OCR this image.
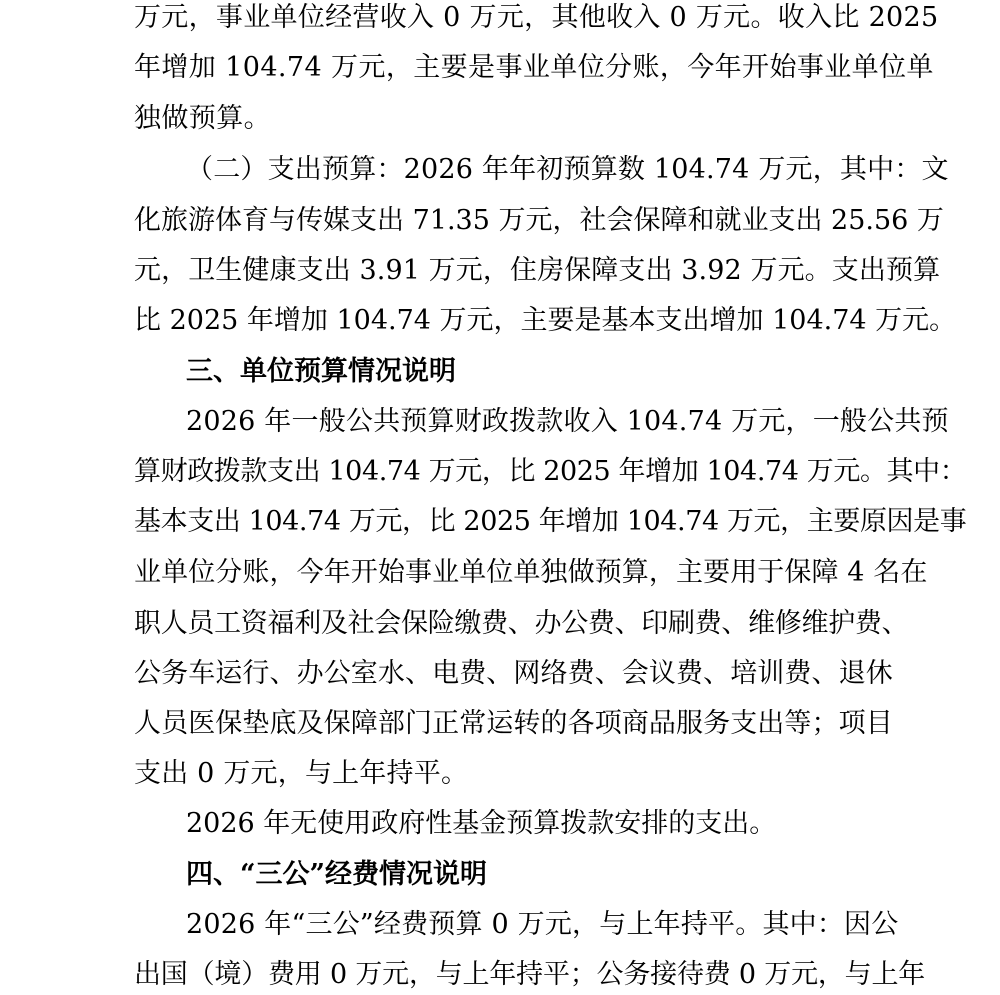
万元，事业单位经营收入 0 万元，其他收入 0 万元。收入比 2025
年增加 104.74 万元，主要是事业单位分账，今年开始事业单位单
独做预算。
（二）支出预算：2026 年年初预算数 104.74 万元，其中：文
化旅游体育与传媒支出 71.35 万元，社会保障和就业支出 25.56 万
元，卫生健康支出 3.91 万元，住房保障支出 3.92 万元。支出预算
比 2025 年增加 104.74 万元，主要是基本支出增加 104.74 万元。
三、单位预算情况说明
2026 年一般公共预算财政拨款收入 104.74 万元，一般公共预
算财政拨款支出 104.74 万元，比 2025 年增加 104.74 万元。其中：
基本支出 104.74 万元，比 2025 年增加 104.74 万元，主要原因是事
业单位分账，今年开始事业单位单独做预算，主要用于保障 4 名在
职人员工资福利及社会保险缴费、办公费、印刷费、维修维护费、
公务车运行、办公室水、电费、网络费、会议费、培训费、退休
人员医保垫底及保障部门正常运转的各项商品服务支出等；项目
支出 0 万元，与上年持平。
2026 年无使用政府性基金预算拨款安排的支出。
四、“三公”经费情况说明
2026 年“三公”经费预算 0 万元，与上年持平。其中：因公
出国（境）费用 0 万元，与上年持平；公务接待费 0 万元，与上年
